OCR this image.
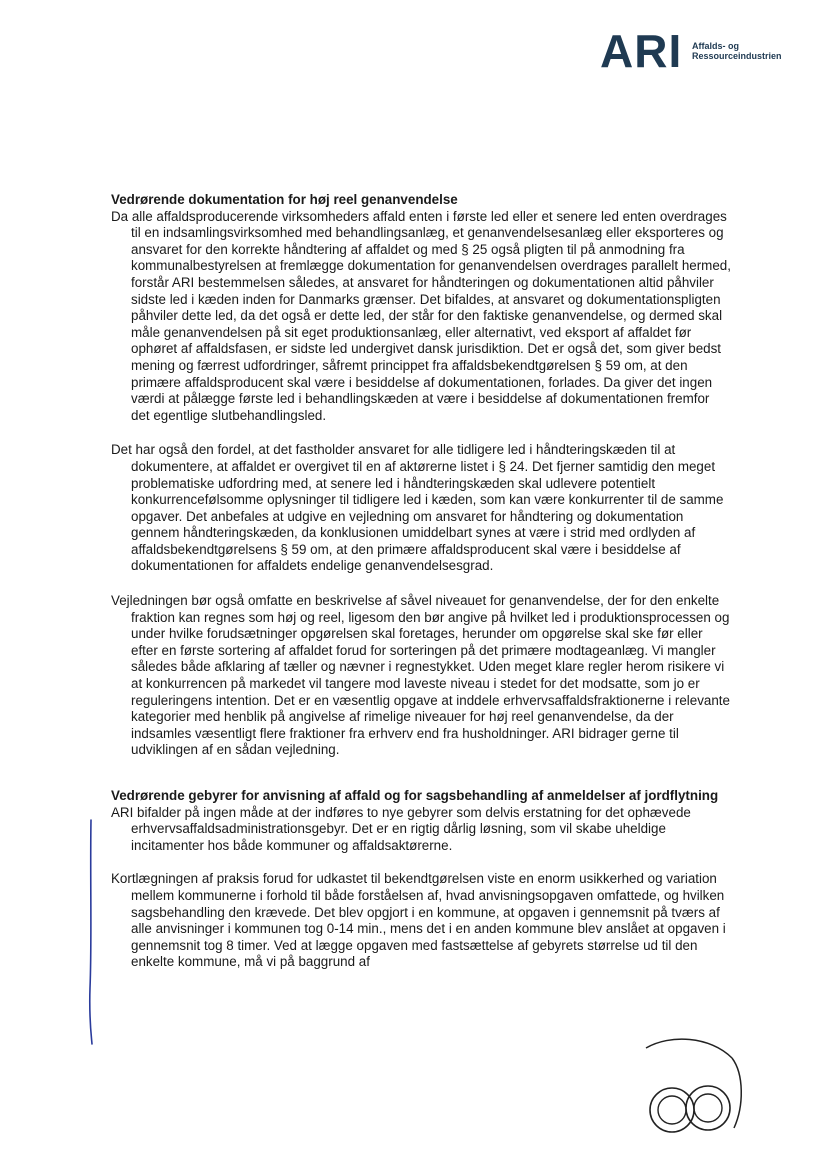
ARI Affalds- og
Ressourceindustrien

Vedrørende dokumentation for høj reel genanvendelse

Da alle affaldsproducerende virksomheders affald enten i første led eller et senere led enten overdrages til en indsamlingsvirksomhed med behandlingsanlæg, et genanvendelsesanlæg eller eksporteres og ansvaret for den korrekte håndtering af affaldet og med § 25 også pligten til på anmodning fra kommunalbestyrelsen at fremlægge dokumentation for genanvendelsen overdrages parallelt hermed, forstår ARI bestemmelsen således, at ansvaret for håndteringen og dokumentationen altid påhviler sidste led i kæden inden for Danmarks grænser. Det bifaldes, at ansvaret og dokumentationspligten påhviler dette led, da det også er dette led, der står for den faktiske genanvendelse, og dermed skal måle genanvendelsen på sit eget produktionsanlæg, eller alternativt, ved eksport af affaldet før ophøret af affaldsfasen, er sidste led undergivet dansk jurisdiktion. Det er også det, som giver bedst mening og færrest udfordringer, såfremt princippet fra affaldsbekendtgørelsen § 59 om, at den primære affaldsproducent skal være i besiddelse af dokumentationen, forlades. Da giver det ingen værdi at pålægge første led i behandlingskæden at være i besiddelse af dokumentationen fremfor det egentlige slutbehandlingsled.

Det har også den fordel, at det fastholder ansvaret for alle tidligere led i håndteringskæden til at dokumentere, at affaldet er overgivet til en af aktørerne listet i § 24. Det fjerner samtidig den meget problematiske udfordring med, at senere led i håndteringskæden skal udlevere potentielt konkurrencefølsomme oplysninger til tidligere led i kæden, som kan være konkurrenter til de samme opgaver. Det anbefales at udgive en vejledning om ansvaret for håndtering og dokumentation gennem håndteringskæden, da konklusionen umiddelbart synes at være i strid med ordlyden af affaldsbekendtgørelsens § 59 om, at den primære affaldsproducent skal være i besiddelse af dokumentationen for affaldets endelige genanvendelsesgrad.

Vejledningen bør også omfatte en beskrivelse af såvel niveauet for genanvendelse, der for den enkelte fraktion kan regnes som høj og reel, ligesom den bør angive på hvilket led i produktionsprocessen og under hvilke forudsætninger opgørelsen skal foretages, herunder om opgørelse skal ske før eller efter en første sortering af affaldet forud for sorteringen på det primære modtageanlæg. Vi mangler således både afklaring af tæller og nævner i regnestykket. Uden meget klare regler herom risikere vi at konkurrencen på markedet vil tangere mod laveste niveau i stedet for det modsatte, som jo er reguleringens intention. Det er en væsentlig opgave at inddele erhvervsaffaldsfraktionerne i relevante kategorier med henblik på angivelse af rimelige niveauer for høj reel genanvendelse, da der indsamles væsentligt flere fraktioner fra erhverv end fra husholdninger. ARI bidrager gerne til udviklingen af en sådan vejledning.

Vedrørende gebyrer for anvisning af affald og for sagsbehandling af anmeldelser af jordflytning

ARI bifalder på ingen måde at der indføres to nye gebyrer som delvis erstatning for det ophævede erhvervsaffaldsadministrationsgebyr. Det er en rigtig dårlig løsning, som vil skabe uheldige incitamenter hos både kommuner og affaldsaktørerne.

Kortlægningen af praksis forud for udkastet til bekendtgørelsen viste en enorm usikkerhed og variation mellem kommunerne i forhold til både forståelsen af, hvad anvisningsopgaven omfattede, og hvilken sagsbehandling den krævede. Det blev opgjort i en kommune, at opgaven i gennemsnit på tværs af alle anvisninger i kommunen tog 0-14 min., mens det i en anden kommune blev anslået at opgaven i gennemsnit tog 8 timer. Ved at lægge opgaven med fastsættelse af gebyrets størrelse ud til den enkelte kommune, må vi på baggrund af
